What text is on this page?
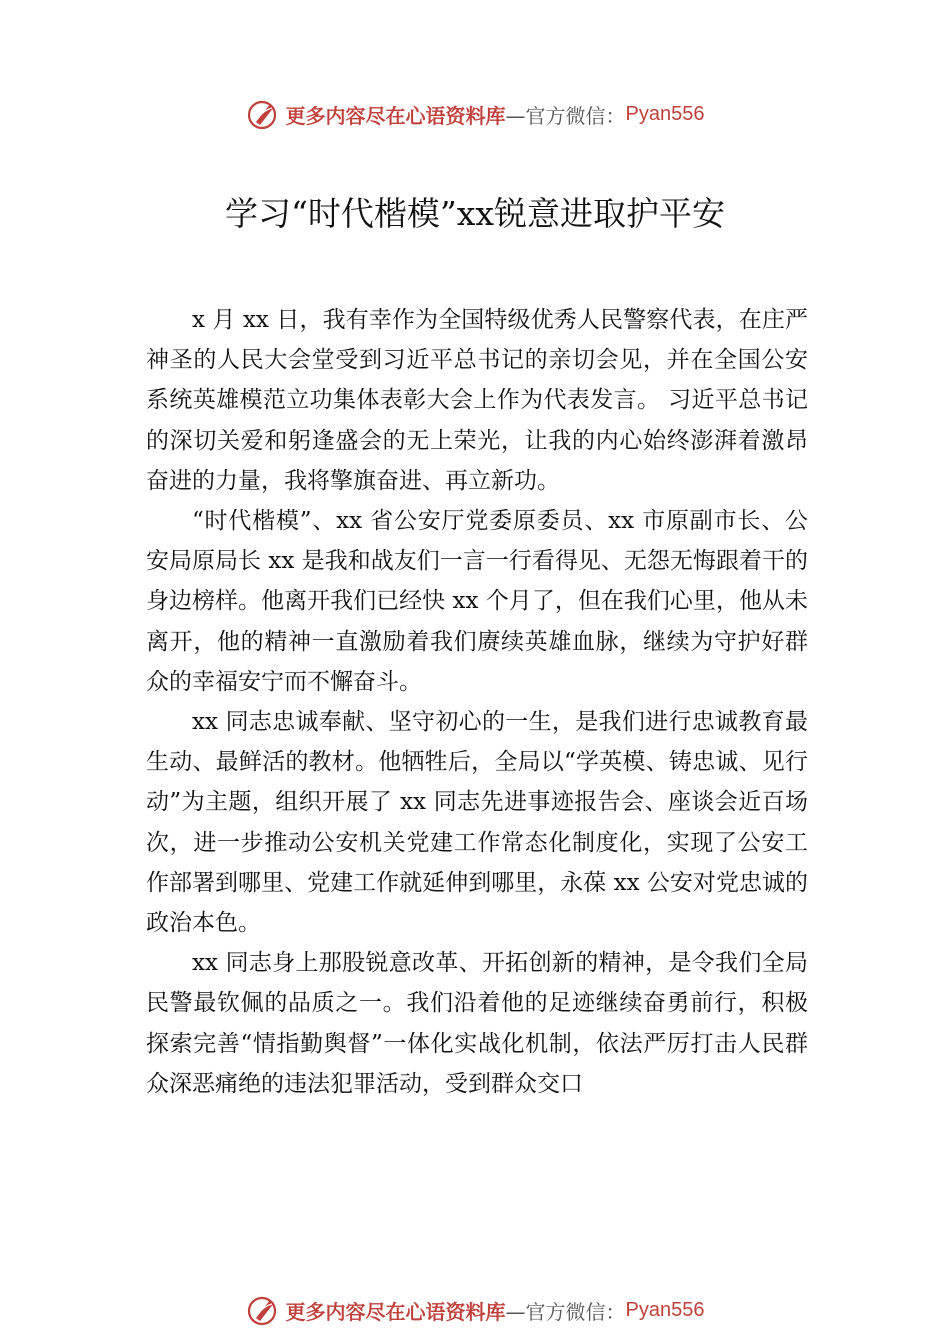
更多内容尽在心语资料库 —官方微信： Pyan556
学习“时代楷模”xx锐意进取护平安

x 月 xx 日，我有幸作为全国特级优秀人民警察代表，在庄严神圣的人民大会堂受到习近平总书记的亲切会见，并在全国公安系统英雄模范立功集体表彰大会上作为代表发言。 习近平总书记的深切关爱和躬逢盛会的无上荣光，让我的内心始终澎湃着激昂奋进的力量，我将擎旗奋进、再立新功。

“时代楷模”、xx 省公安厅党委原委员、xx 市原副市长、公安局原局长 xx 是我和战友们一言一行看得见、无怨无悔跟着干的身边榜样。他离开我们已经快 xx 个月了，但在我们心里，他从未离开，他的精神一直激励着我们赓续英雄血脉，继续为守护好群众的幸福安宁而不懈奋斗。

xx 同志忠诚奉献、坚守初心的一生，是我们进行忠诚教育最生动、最鲜活的教材。他牺牲后，全局以“学英模、铸忠诚、见行动”为主题，组织开展了 xx 同志先进事迹报告会、座谈会近百场次，进一步推动公安机关党建工作常态化制度化，实现了公安工作部署到哪里、党建工作就延伸到哪里，永葆 xx 公安对党忠诚的政治本色。

xx 同志身上那股锐意改革、开拓创新的精神，是令我们全局民警最钦佩的品质之一。我们沿着他的足迹继续奋勇前行，积极探索完善“情指勤舆督”一体化实战化机制，依法严厉打击人民群众深恶痛绝的违法犯罪活动，受到群众交口

更多内容尽在心语资料库 —官方微信： Pyan556
